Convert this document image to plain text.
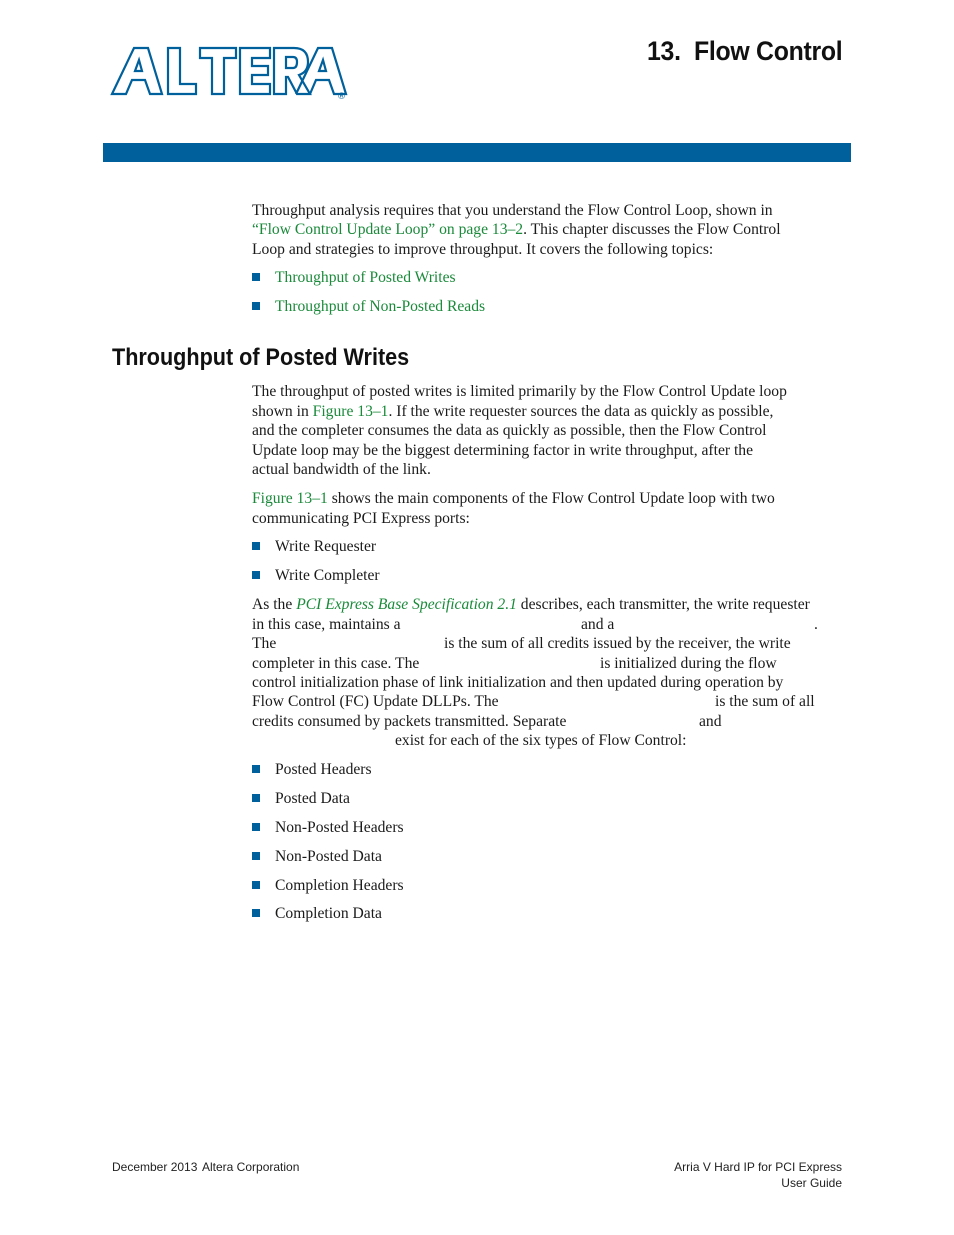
®
13.  Flow Control
Throughput analysis requires that you understand the Flow Control Loop, shown in
“Flow Control Update Loop” on page 13–2. This chapter discusses the Flow Control
Loop and strategies to improve throughput. It covers the following topics:
Throughput of Posted Writes
Throughput of Non-Posted Reads
Throughput of Posted Writes
The throughput of posted writes is limited primarily by the Flow Control Update loop
shown in Figure 13–1. If the write requester sources the data as quickly as possible,
and the completer consumes the data as quickly as possible, then the Flow Control
Update loop may be the biggest determining factor in write throughput, after the
actual bandwidth of the link.
Figure 13–1 shows the main components of the Flow Control Update loop with two
communicating PCI Express ports:
Write Requester
Write Completer
As the PCI Express Base Specification 2.1 describes, each transmitter, the write requester
in this case, maintains a	and a	.
The	is the sum of all credits issued by the receiver, the write
completer in this case. The	is initialized during the flow
control initialization phase of link initialization and then updated during operation by
Flow Control (FC) Update DLLPs. The	is the sum of all
credits consumed by packets transmitted. Separate	and
exist for each of the six types of Flow Control:
Posted Headers
Posted Data
Non-Posted Headers
Non-Posted Data
Completion Headers
Completion Data
December 2013 Altera Corporation	Arria V Hard IP for PCI Express
User Guide
